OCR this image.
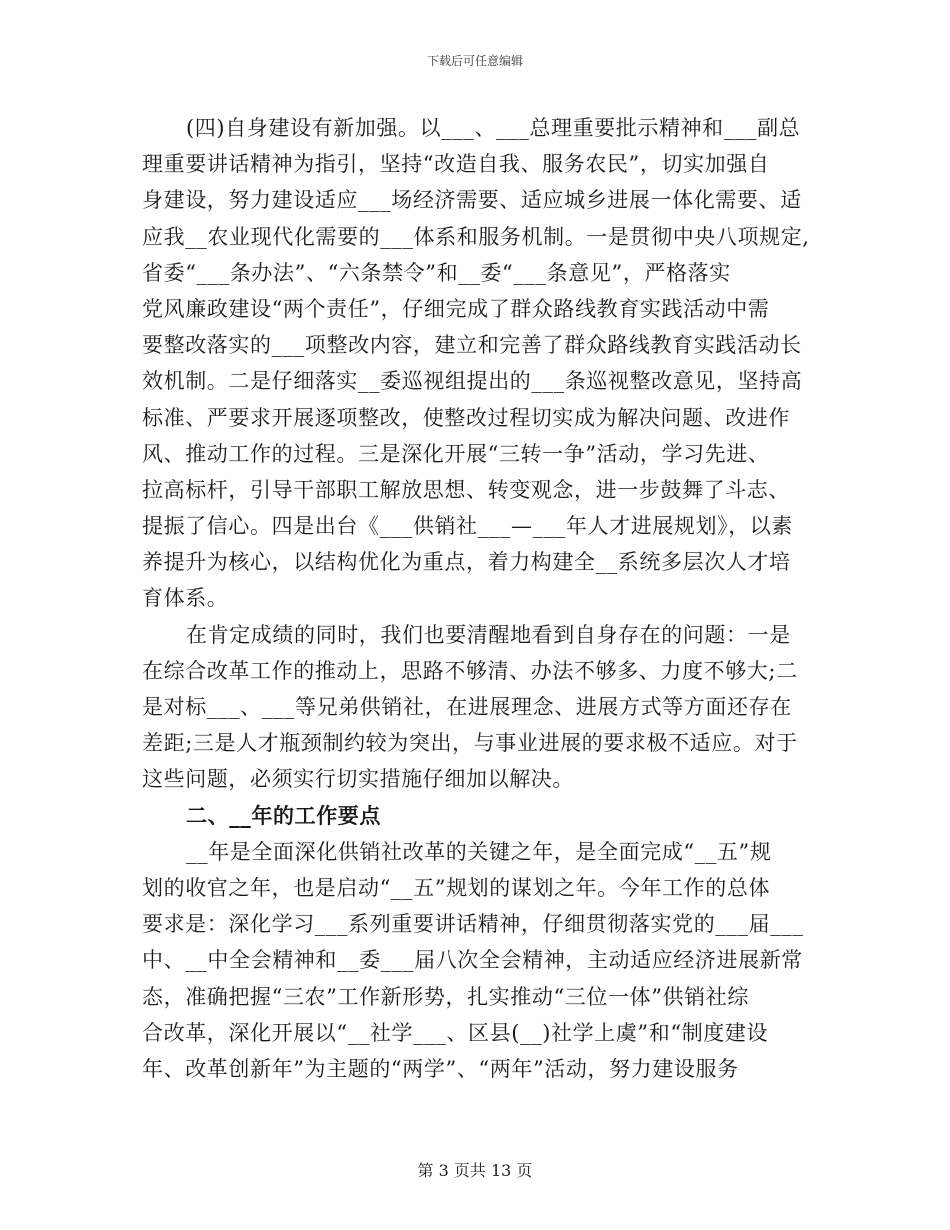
下载后可任意编辑
(四)自身建设有新加强。以___、___总理重要批示精神和___副总
理重要讲话精神为指引，坚持“改造自我、服务农民”，切实加强自
身建设，努力建设适应___场经济需要、适应城乡进展一体化需要、适
应我__农业现代化需要的___体系和服务机制。一是贯彻中央八项规定,
省委“___条办法”、“六条禁令”和__委“___条意见”，严格落实
党风廉政建设“两个责任”，仔细完成了群众路线教育实践活动中需
要整改落实的___项整改内容，建立和完善了群众路线教育实践活动长
效机制。二是仔细落实__委巡视组提出的___条巡视整改意见，坚持高
标准、严要求开展逐项整改，使整改过程切实成为解决问题、改进作
风、推动工作的过程。三是深化开展“三转一争”活动，学习先进、
拉高标杆，引导干部职工解放思想、转变观念，进一步鼓舞了斗志、
提振了信心。四是出台《___供销社___—___年人才进展规划》，以素
养提升为核心，以结构优化为重点，着力构建全__系统多层次人才培
育体系。
在肯定成绩的同时，我们也要清醒地看到自身存在的问题：一是
在综合改革工作的推动上，思路不够清、办法不够多、力度不够大;二
是对标___、___等兄弟供销社，在进展理念、进展方式等方面还存在
差距;三是人才瓶颈制约较为突出，与事业进展的要求极不适应。对于
这些问题，必须实行切实措施仔细加以解决。
二、__年的工作要点
__年是全面深化供销社改革的关键之年，是全面完成“__五”规
划的收官之年，也是启动“__五”规划的谋划之年。今年工作的总体
要求是：深化学习___系列重要讲话精神，仔细贯彻落实党的___届___
中、__中全会精神和__委___届八次全会精神，主动适应经济进展新常
态，准确把握“三农”工作新形势，扎实推动“三位一体”供销社综
合改革，深化开展以“__社学___、区县(__)社学上虞”和“制度建设
年、改革创新年”为主题的“两学”、“两年”活动，努力建设服务
第 3 页共 13 页
